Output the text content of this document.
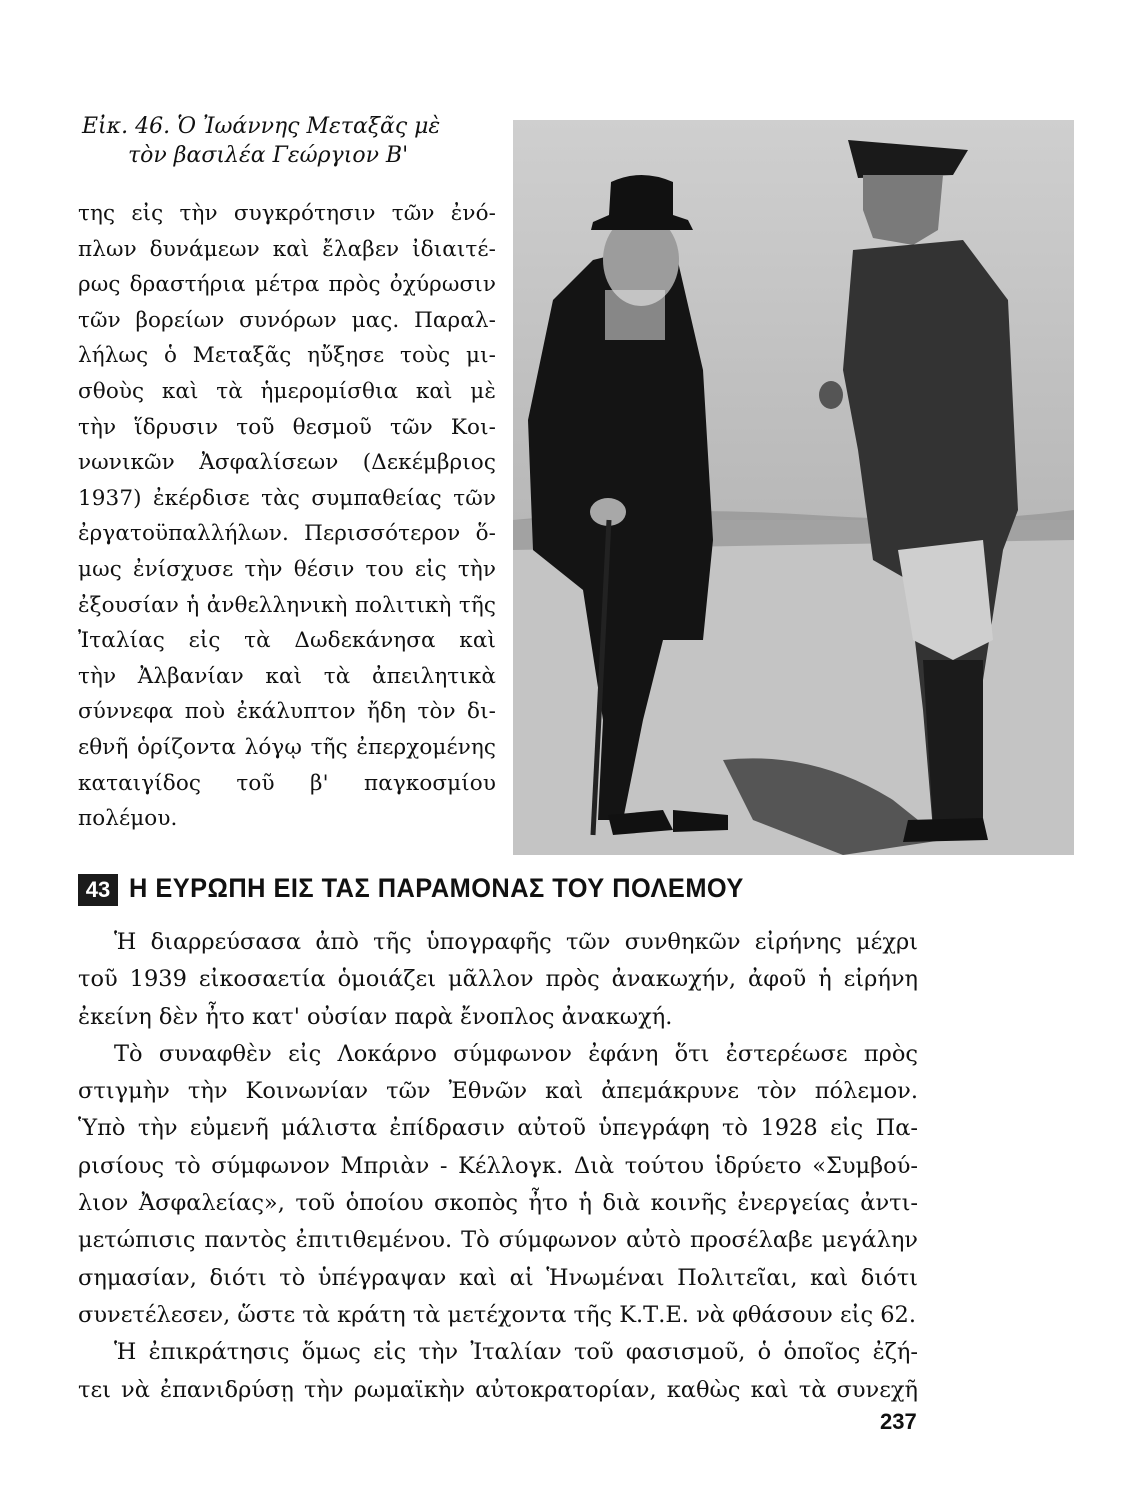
Εἰκ. 46. Ὁ Ἰωάννης Μεταξᾶς μὲ
τὸν βασιλέα Γεώργιον Β'
της εἰς τὴν συγκρότησιν τῶν ἐνό-
πλων δυνάμεων καὶ ἔλαβεν ἰδιαιτέ-
ρως δραστήρια μέτρα πρὸς ὀχύρωσιν
τῶν βορείων συνόρων μας. Παραλ-
λήλως ὁ Μεταξᾶς ηὔξησε τοὺς μι-
σθοὺς καὶ τὰ ἡμερομίσθια καὶ μὲ
τὴν ἵδρυσιν τοῦ θεσμοῦ τῶν Κοι-
νωνικῶν Ἀσφαλίσεων (Δεκέμβριος
1937) ἐκέρδισε τὰς συμπαθείας τῶν
ἐργατοϋπαλλήλων. Περισσότερον ὅ-
μως ἐνίσχυσε τὴν θέσιν του εἰς τὴν
ἐξουσίαν ἡ ἀνθελληνικὴ πολιτικὴ τῆς
Ἰταλίας εἰς τὰ Δωδεκάνησα καὶ
τὴν Ἀλβανίαν καὶ τὰ ἀπειλητικὰ
σύννεφα ποὺ ἐκάλυπτον ἤδη τὸν δι-
εθνῆ ὁρίζοντα λόγῳ τῆς ἐπερχομένης
καταιγίδος τοῦ β' παγκοσμίου
πολέμου.
43 Η ΕΥΡΩΠΗ ΕΙΣ ΤΑΣ ΠΑΡΑΜΟΝΑΣ ΤΟΥ ΠΟΛΕΜΟΥ
Ἡ διαρρεύσασα ἀπὸ τῆς ὑπογραφῆς τῶν συνθηκῶν εἰρήνης μέχρι
τοῦ 1939 εἰκοσαετία ὁμοιάζει μᾶλλον πρὸς ἀνακωχήν, ἀφοῦ ἡ εἰρήνη
ἐκείνη δὲν ἦτο κατ' οὐσίαν παρὰ ἔνοπλος ἀνακωχή.
Τὸ συναφθὲν εἰς Λοκάρνο σύμφωνον ἐφάνη ὅτι ἐστερέωσε πρὸς
στιγμὴν τὴν Κοινωνίαν τῶν Ἐθνῶν καὶ ἀπεμάκρυνε τὸν πόλεμον.
Ὑπὸ τὴν εὐμενῆ μάλιστα ἐπίδρασιν αὐτοῦ ὑπεγράφη τὸ 1928 εἰς Πα-
ρισίους τὸ σύμφωνον Μπριὰν - Κέλλογκ. Διὰ τούτου ἱδρύετο «Συμβού-
λιον Ἀσφαλείας», τοῦ ὁποίου σκοπὸς ἦτο ἡ διὰ κοινῆς ἐνεργείας ἀντι-
μετώπισις παντὸς ἐπιτιθεμένου. Τὸ σύμφωνον αὐτὸ προσέλαβε μεγάλην
σημασίαν, διότι τὸ ὑπέγραψαν καὶ αἱ Ἡνωμέναι Πολιτεῖαι, καὶ διότι
συνετέλεσεν, ὥστε τὰ κράτη τὰ μετέχοντα τῆς Κ.Τ.Ε. νὰ φθάσουν εἰς 62.
Ἡ ἐπικράτησις ὅμως εἰς τὴν Ἰταλίαν τοῦ φασισμοῦ, ὁ ὁποῖος ἐζή-
τει νὰ ἐπανιδρύσῃ τὴν ρωμαϊκὴν αὐτοκρατορίαν, καθὼς καὶ τὰ συνεχῆ
237
